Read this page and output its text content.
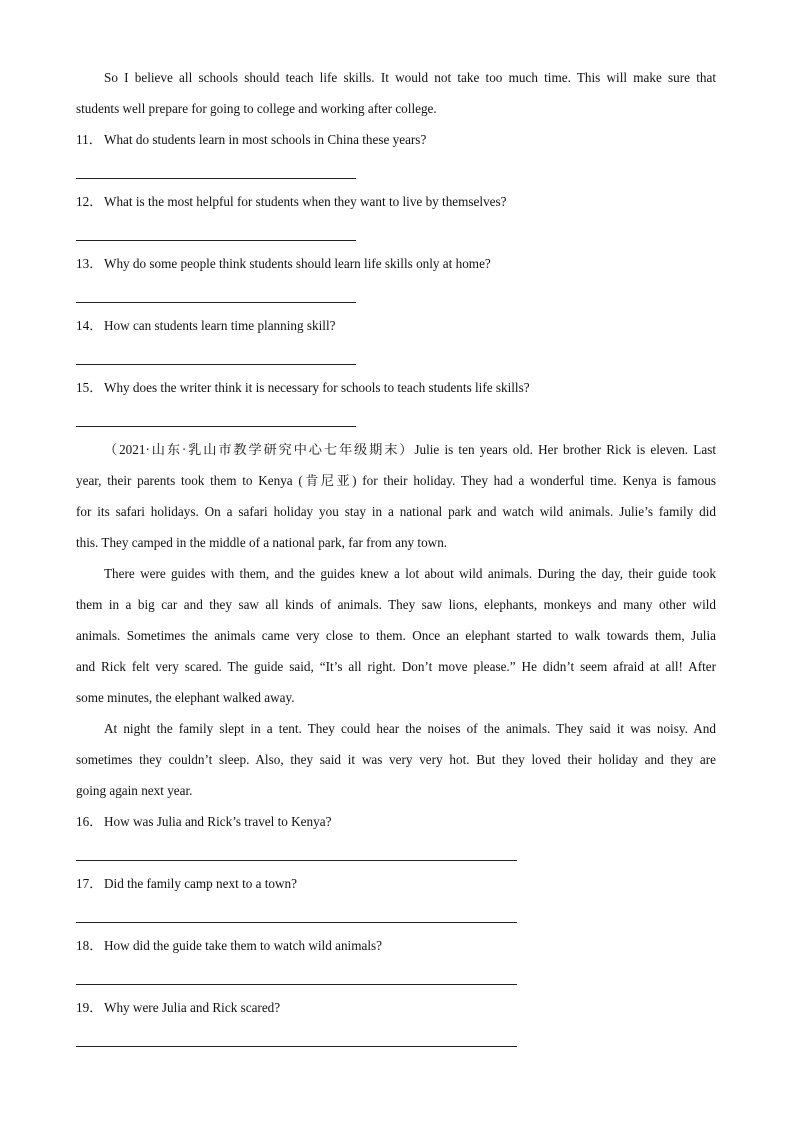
So I believe all schools should teach life skills. It would not take too much time. This will make sure that
students well prepare for going to college and working after college.
11． What do students learn in most schools in China these years?
12． What is the most helpful for students when they want to live by themselves?
13． Why do some people think students should learn life skills only at home?
14． How can students learn time planning skill?
15． Why does the writer think it is necessary for schools to teach students life skills?
（2021·山东·乳山市教学研究中心七年级期末）Julie is ten years old. Her brother Rick is eleven. Last
year, their parents took them to Kenya (肯尼亚) for their holiday. They had a wonderful time. Kenya is famous
for its safari holidays. On a safari holiday you stay in a national park and watch wild animals. Julie’s family did
this. They camped in the middle of a national park, far from any town.
There were guides with them, and the guides knew a lot about wild animals. During the day, their guide took
them in a big car and they saw all kinds of animals. They saw lions, elephants, monkeys and many other wild
animals. Sometimes the animals came very close to them. Once an elephant started to walk towards them, Julia
and Rick felt very scared. The guide said, “It’s all right. Don’t move please.” He didn’t seem afraid at all! After
some minutes, the elephant walked away.
At night the family slept in a tent. They could hear the noises of the animals. They said it was noisy. And
sometimes they couldn’t sleep. Also, they said it was very very hot. But they loved their holiday and they are
going again next year.
16． How was Julia and Rick’s travel to Kenya?
17． Did the family camp next to a town?
18． How did the guide take them to watch wild animals?
19． Why were Julia and Rick scared?
